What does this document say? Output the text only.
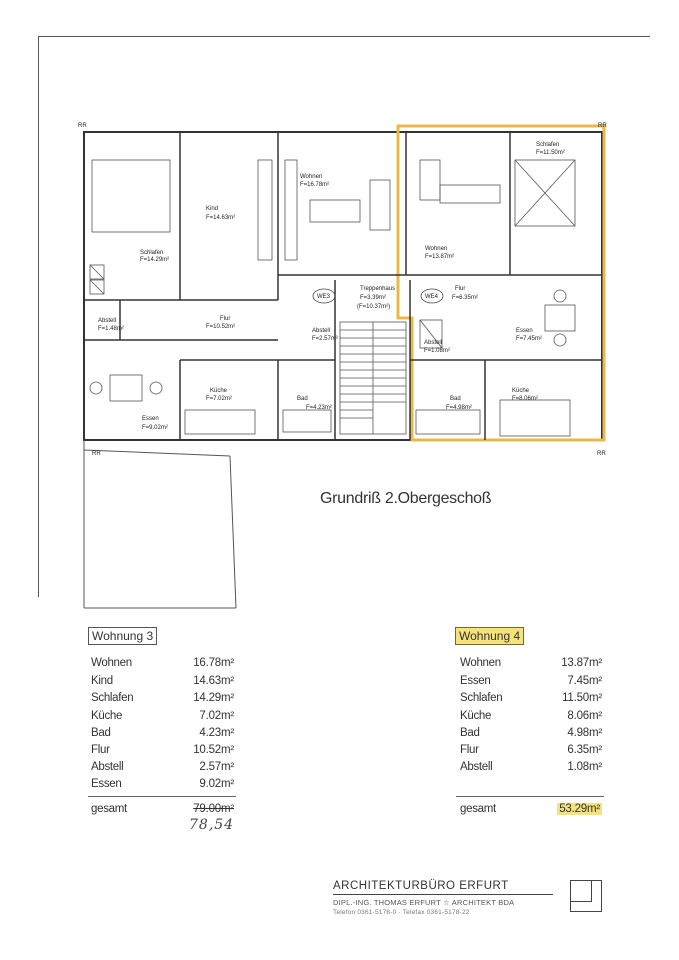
Schlafen
F=14.29m²
Kind
F=14.63m²
Wohnen
F=16.78m²
Wohnen
F=13.87m²
Schlafen
F=11.50m²
Abstell
F=1.48m²
Flur
F=10.52m²
Abstell
F=2.57m²
Treppenhaus
F=3.39m²
(F=10.37m²)
Flur
F=6.35m²
Essen
F=7.45m²
Abstell
F=1.08m²
Essen
F=9.02m²
Küche
F=7.02m²	Bad
F=4.23m²
Bad
F=4.98m²
Küche
F=8.06m²
WE3	WE4
RR	RR
RR	RR
Grundriß 2.Obergeschoß
Wohnung 3
Wohnen	16.78m²
Kind	14.63m²
Schlafen	14.29m²
Küche	7.02m²
Bad	4.23m²
Flur	10.52m²
Abstell	2.57m²
Essen	9.02m²
gesamt	79.00m²
78,54
Wohnung 4
Wohnen	13.87m²
Essen	7.45m²
Schlafen	11.50m²
Küche	8.06m²
Bad	4.98m²
Flur	6.35m²
Abstell	1.08m²
gesamt	53.29m²
ARCHITEKTURBÜRO ERFURT
DIPL.-ING. THOMAS ERFURT ☆ ARCHITEKT BDA
Telefon 0361-5178-0 · Telefax 0361-5178-22
